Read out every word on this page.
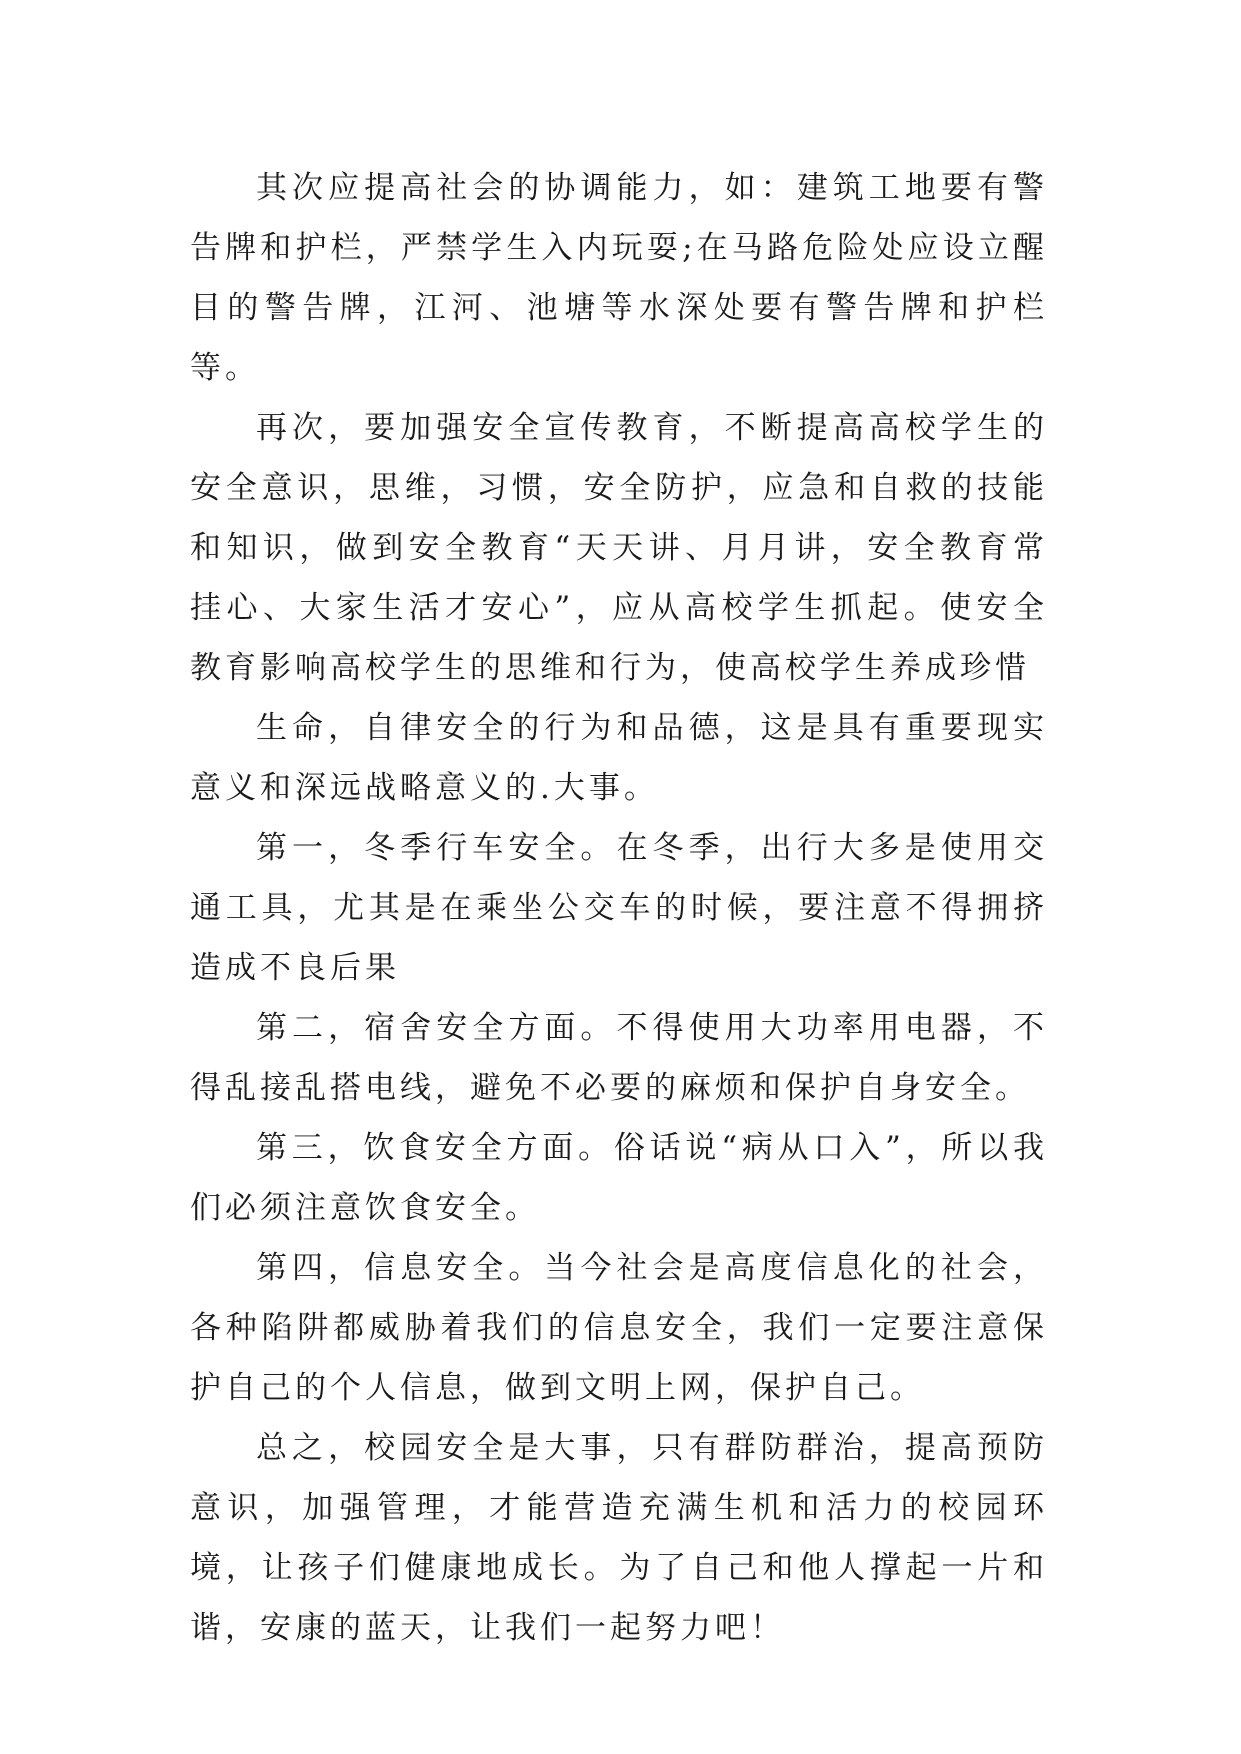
其次应提高社会的协调能力，如：建筑工地要有警告牌和护栏，严禁学生入内玩耍;在马路危险处应设立醒目的警告牌，江河、池塘等水深处要有警告牌和护栏等。

再次，要加强安全宣传教育，不断提高高校学生的安全意识，思维，习惯，安全防护，应急和自救的技能和知识，做到安全教育“天天讲、月月讲，安全教育常挂心、大家生活才安心”，应从高校学生抓起。使安全教育影响高校学生的思维和行为，使高校学生养成珍惜

生命，自律安全的行为和品德，这是具有重要现实意义和深远战略意义的.大事。

第一，冬季行车安全。在冬季，出行大多是使用交通工具，尤其是在乘坐公交车的时候，要注意不得拥挤造成不良后果

第二，宿舍安全方面。不得使用大功率用电器，不得乱接乱搭电线，避免不必要的麻烦和保护自身安全。

第三，饮食安全方面。俗话说“病从口入”，所以我们必须注意饮食安全。

第四，信息安全。当今社会是高度信息化的社会，各种陷阱都威胁着我们的信息安全，我们一定要注意保护自己的个人信息，做到文明上网，保护自己。

总之，校园安全是大事，只有群防群治，提高预防意识，加强管理，才能营造充满生机和活力的校园环境，让孩子们健康地成长。为了自己和他人撑起一片和谐，安康的蓝天，让我们一起努力吧！
